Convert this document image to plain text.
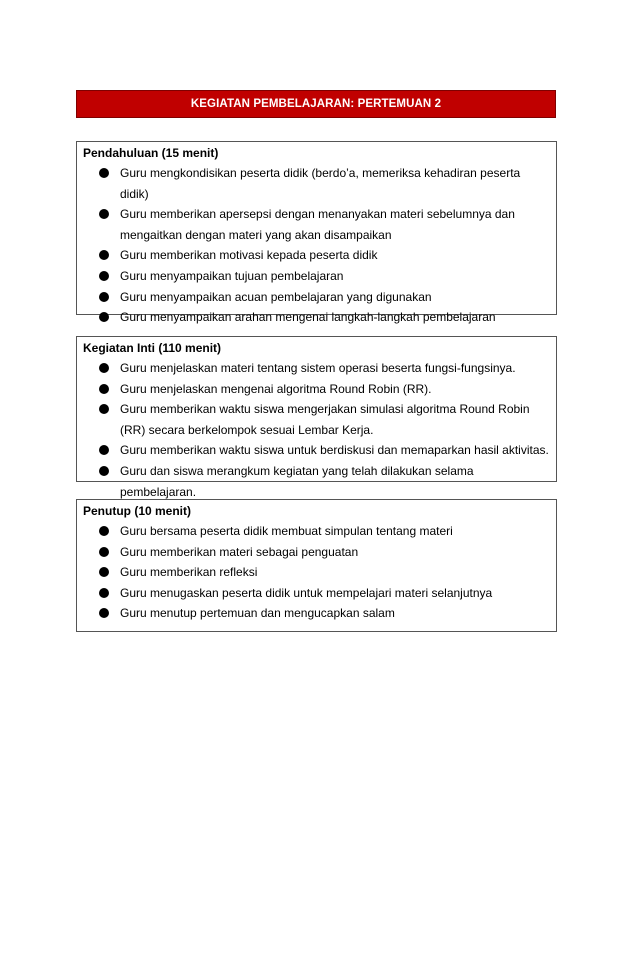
KEGIATAN PEMBELAJARAN: PERTEMUAN 2
Pendahuluan (15 menit)
Guru mengkondisikan peserta didik (berdo’a, memeriksa kehadiran peserta didik)
Guru memberikan apersepsi dengan menanyakan materi sebelumnya dan mengaitkan dengan materi yang akan disampaikan
Guru memberikan motivasi kepada peserta didik
Guru menyampaikan tujuan pembelajaran
Guru menyampaikan acuan pembelajaran yang digunakan
Guru menyampaikan arahan mengenai langkah-langkah pembelajaran
Kegiatan Inti (110 menit)
Guru menjelaskan materi tentang sistem operasi beserta fungsi-fungsinya.
Guru menjelaskan mengenai algoritma Round Robin (RR).
Guru memberikan waktu siswa mengerjakan simulasi algoritma Round Robin (RR) secara berkelompok sesuai Lembar Kerja.
Guru memberikan waktu siswa untuk berdiskusi dan memaparkan hasil aktivitas.
Guru dan siswa merangkum kegiatan yang telah dilakukan selama pembelajaran.
Penutup (10 menit)
Guru bersama peserta didik membuat simpulan tentang materi
Guru memberikan materi sebagai penguatan
Guru memberikan refleksi
Guru menugaskan peserta didik untuk mempelajari materi selanjutnya
Guru menutup pertemuan dan mengucapkan salam
